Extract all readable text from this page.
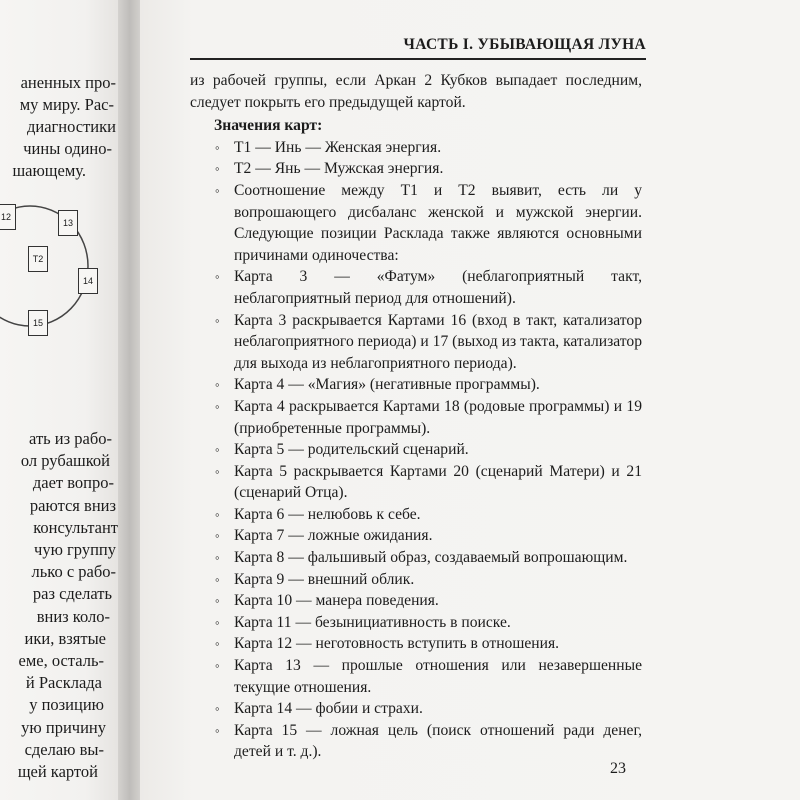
аненных про-
му миру. Рас-
диагностики
чины одино-
шающему.
12
13
T2
14
15
ать из рабо-
ол рубашкой
дает вопро-
раются вниз
консультант
чую группу
лько с рабо-
раз сделать
вниз коло-
ики, взятые
еме, осталь-
й Расклада
у позицию
ую причину
сделаю вы-
щей картой
ЧАСТЬ I. УБЫВАЮЩАЯ ЛУНА

из рабочей группы, если Аркан 2 Кубков выпадает последним, следует покрыть его предыдущей картой.

Значения карт:
◦ Т1 — Инь — Женская энергия.
◦ Т2 — Янь — Мужская энергия.
◦ Соотношение между Т1 и Т2 выявит, есть ли у вопрошающего дисбаланс женской и мужской энергии. Следующие позиции Расклада также являются основными причинами одиночества:
◦ Карта 3 — «Фатум» (неблагоприятный такт, неблагоприятный период для отношений).
◦ Карта 3 раскрывается Картами 16 (вход в такт, катализатор неблагоприятного периода) и 17 (выход из такта, катализатор для выхода из неблагоприятного периода).
◦ Карта 4 — «Магия» (негативные программы).
◦ Карта 4 раскрывается Картами 18 (родовые программы) и 19 (приобретенные программы).
◦ Карта 5 — родительский сценарий.
◦ Карта 5 раскрывается Картами 20 (сценарий Матери) и 21 (сценарий Отца).
◦ Карта 6 — нелюбовь к себе.
◦ Карта 7 — ложные ожидания.
◦ Карта 8 — фальшивый образ, создаваемый вопрошающим.
◦ Карта 9 — внешний облик.
◦ Карта 10 — манера поведения.
◦ Карта 11 — безынициативность в поиске.
◦ Карта 12 — неготовность вступить в отношения.
◦ Карта 13 — прошлые отношения или незавершенные текущие отношения.
◦ Карта 14 — фобии и страхи.
◦ Карта 15 — ложная цель (поиск отношений ради денег, детей и т. д.).
23
